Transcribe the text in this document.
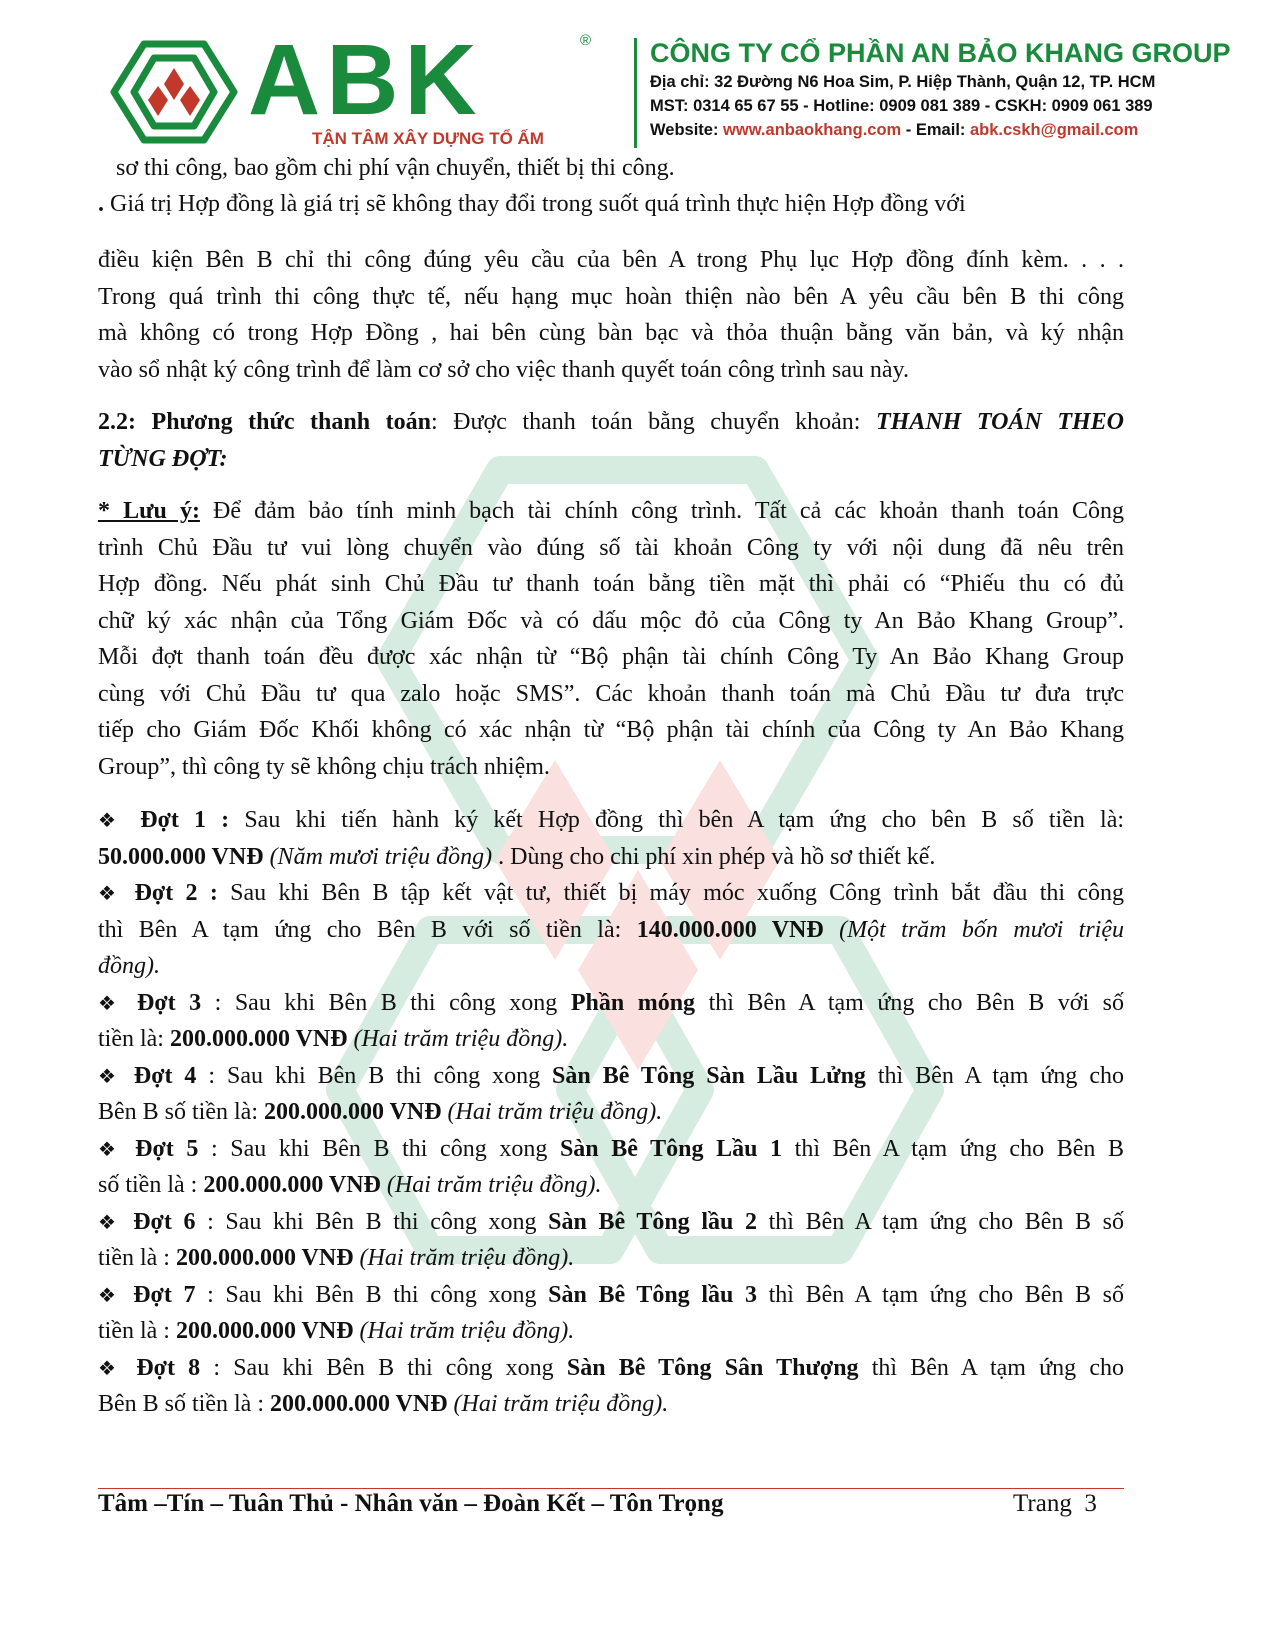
ABK	®
TẬN TÂM XÂY DỰNG TỔ ẤM
CÔNG TY CỔ PHẦN AN BẢO KHANG GROUP
Địa chỉ: 32 Đường N6 Hoa Sim, P. Hiệp Thành, Quận 12, TP. HCM
MST: 0314 65 67 55 - Hotline: 0909 081 389 - CSKH: 0909 061 389
Website: www.anbaokhang.com - Email: abk.cskh@gmail.com
sơ thi công, bao gồm chi phí vận chuyển, thiết bị thi công.
. Giá trị Hợp đồng là giá trị sẽ không thay đổi trong suốt quá trình thực hiện Hợp đồng với
điều kiện Bên B chỉ thi công đúng yêu cầu của bên A trong Phụ lục Hợp đồng đính kèm. . . .
Trong quá trình thi công thực tế, nếu hạng mục hoàn thiện nào bên A yêu cầu bên B thi công
mà không có trong Hợp Đồng , hai bên cùng bàn bạc và thỏa thuận bằng văn bản, và ký nhận
vào sổ nhật ký công trình để làm cơ sở cho việc thanh quyết toán công trình sau này.
2.2: Phương thức thanh toán: Được thanh toán bằng chuyển khoản: THANH TOÁN THEO
TỪNG ĐỢT:
* Lưu ý: Để đảm bảo tính minh bạch tài chính công trình. Tất cả các khoản thanh toán Công
trình Chủ Đầu tư vui lòng chuyển vào đúng số tài khoản Công ty với nội dung đã nêu trên
Hợp đồng. Nếu phát sinh Chủ Đầu tư thanh toán bằng tiền mặt thì phải có “Phiếu thu có đủ
chữ ký xác nhận của Tổng Giám Đốc và có dấu mộc đỏ của Công ty An Bảo Khang Group”.
Mỗi đợt thanh toán đều được xác nhận từ “Bộ phận tài chính Công Ty An Bảo Khang Group
cùng với Chủ Đầu tư qua zalo hoặc SMS”. Các khoản thanh toán mà Chủ Đầu tư đưa trực
tiếp cho Giám Đốc Khối không có xác nhận từ “Bộ phận tài chính của Công ty An Bảo Khang
Group”, thì công ty sẽ không chịu trách nhiệm.
❖ Đợt 1 : Sau khi tiến hành ký kết Hợp đồng thì bên A tạm ứng cho bên B số tiền là:
50.000.000 VNĐ (Năm mươi triệu đồng) . Dùng cho chi phí xin phép và hồ sơ thiết kế.
❖ Đợt 2 : Sau khi Bên B tập kết vật tư, thiết bị máy móc xuống Công trình bắt đầu thi công
thì Bên A tạm ứng cho Bên B với số tiền là: 140.000.000 VNĐ (Một trăm bốn mươi triệu
đồng).
❖ Đợt 3 : Sau khi Bên B thi công xong Phần móng thì Bên A tạm ứng cho Bên B với số
tiền là: 200.000.000 VNĐ (Hai trăm triệu đồng).
❖ Đợt 4 : Sau khi Bên B thi công xong Sàn Bê Tông Sàn Lầu Lửng thì Bên A tạm ứng cho
Bên B số tiền là: 200.000.000 VNĐ (Hai trăm triệu đồng).
❖ Đợt 5 : Sau khi Bên B thi công xong Sàn Bê Tông Lầu 1 thì Bên A tạm ứng cho Bên B
số tiền là : 200.000.000 VNĐ (Hai trăm triệu đồng).
❖ Đợt 6 : Sau khi Bên B thi công xong Sàn Bê Tông lầu 2 thì Bên A tạm ứng cho Bên B số
tiền là : 200.000.000 VNĐ (Hai trăm triệu đồng).
❖ Đợt 7 : Sau khi Bên B thi công xong Sàn Bê Tông lầu 3 thì Bên A tạm ứng cho Bên B số
tiền là : 200.000.000 VNĐ (Hai trăm triệu đồng).
❖ Đợt 8 : Sau khi Bên B thi công xong Sàn Bê Tông Sân Thượng thì Bên A tạm ứng cho
Bên B số tiền là : 200.000.000 VNĐ (Hai trăm triệu đồng).
Tâm –Tín – Tuân Thủ - Nhân văn – Đoàn Kết – Tôn Trọng	Trang 3
